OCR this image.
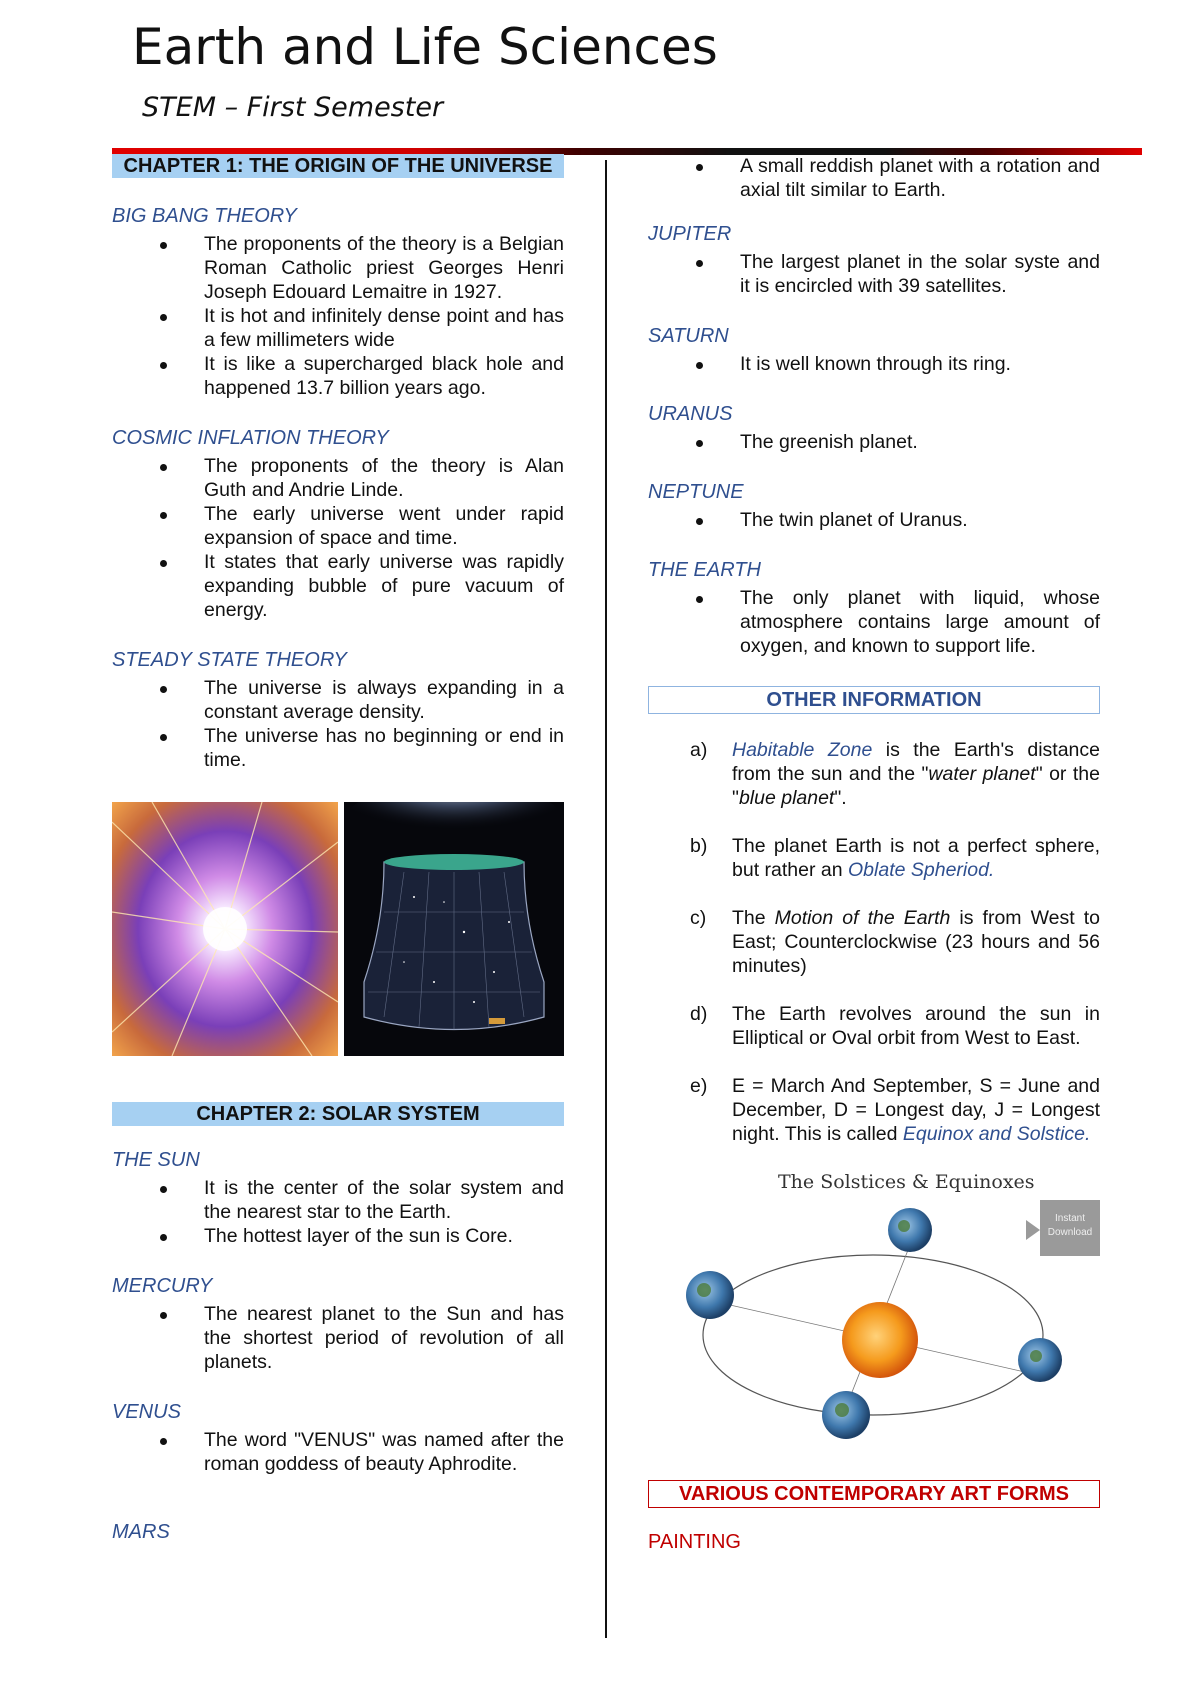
Earth and Life Sciences
STEM – First Semester
CHAPTER 1: THE ORIGIN OF THE UNIVERSE
BIG BANG THEORY
The proponents of the theory is a Belgian Roman Catholic priest Georges Henri Joseph Edouard Lemaitre in 1927.
It is hot and infinitely dense point and has a few millimeters wide
It is like a supercharged black hole and happened 13.7 billion years ago.
COSMIC INFLATION THEORY
The proponents of the theory is Alan Guth and Andrie Linde.
The early universe went under rapid expansion of space and time.
It states that early universe was rapidly expanding bubble of pure vacuum of energy.
STEADY STATE THEORY
The universe is always expanding in a constant average density.
The universe has no beginning or end in time.
CHAPTER 2: SOLAR SYSTEM
THE SUN
It is the center of the solar system and the nearest star to the Earth.
The hottest layer of the sun is Core.
MERCURY
The nearest planet to the Sun and has the shortest period of revolution of all planets.
VENUS
The word "VENUS" was named after the roman goddess of beauty Aphrodite.
MARS
A small reddish planet with a rotation and axial tilt similar to Earth.
JUPITER
The largest planet in the solar syste and it is encircled with 39 satellites.
SATURN
It is well known through its ring.
URANUS
The greenish planet.
NEPTUNE
The twin planet of Uranus.
THE EARTH
The only planet with liquid, whose atmosphere contains large amount of oxygen, and known to support life.
OTHER INFORMATION
a) Habitable Zone is the Earth's distance from the sun and the "water planet" or the "blue planet".
b) The planet Earth is not a perfect sphere, but rather an Oblate Spheriod.
c) The Motion of the Earth is from West to East; Counterclockwise (23 hours and 56 minutes)
d) The Earth revolves around the sun in Elliptical or Oval orbit from West to East.
e) E = March And September, S = June and December, D = Longest day, J = Longest night. This is called Equinox and Solstice.
The Solstices & Equinoxes
Instant
Download
VARIOUS CONTEMPORARY ART FORMS
PAINTING
